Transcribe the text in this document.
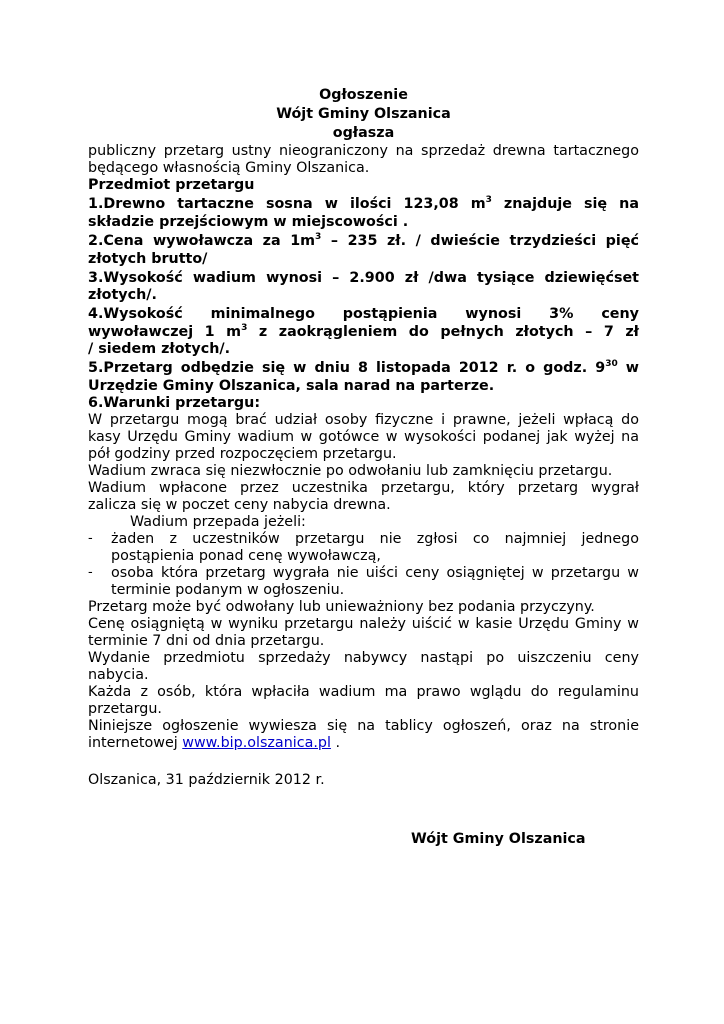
Ogłoszenie
Wójt Gminy Olszanica
ogłasza
publiczny przetarg ustny nieograniczony na sprzedaż drewna tartacznego
będącego własnością Gminy Olszanica.
Przedmiot przetargu
1.Drewno tartaczne sosna w ilości 123,08 $m^3$ znajduje się na
składzie przejściowym w miejscowości .
2.Cena wywoławcza za $1m^3 - 235$ zł. / dwieście trzydzieści pięć
złotych brutto/
3.Wysokość wadium wynosi – 2.900 zł /dwa tysiące dziewięćset
złotych/.
4.Wysokość minimalnego postąpienia wynosi 3% ceny
wywoławczej 1 $m^3$ z zaokrągleniem do pełnych złotych – 7 zł
/ siedem złotych/.
5.Przetarg odbędzie się w dniu 8 listopada 2012 r. o godz. $9^{30}$ w
Urzędzie Gminy Olszanica, sala narad na parterze.
6.Warunki przetargu:
W przetargu mogą brać udział osoby fizyczne i prawne, jeżeli wpłacą do
kasy Urzędu Gminy wadium w gotówce w wysokości podanej jak wyżej na
pół godziny przed rozpoczęciem przetargu.
Wadium zwraca się niezwłocznie po odwołaniu lub zamknięciu przetargu.
Wadium wpłacone przez uczestnika przetargu, który przetarg wygrał
zalicza się w poczet ceny nabycia drewna.
Wadium przepada jeżeli:
- żaden z uczestników przetargu nie zgłosi co najmniej jednego
postąpienia ponad cenę wywoławczą,
- osoba która przetarg wygrała nie uiści ceny osiągniętej w przetargu w
terminie podanym w ogłoszeniu.
Przetarg może być odwołany lub unieważniony bez podania przyczyny.
Cenę osiągniętą w wyniku przetargu należy uiścić w kasie Urzędu Gminy w
terminie 7 dni od dnia przetargu.
Wydanie przedmiotu sprzedaży nabywcy nastąpi po uiszczeniu ceny
nabycia.
Każda z osób, która wpłaciła wadium ma prawo wglądu do regulaminu
przetargu.
Niniejsze ogłoszenie wywiesza się na tablicy ogłoszeń, oraz na stronie
internetowej www.bip.olszanica.pl .
Olszanica, 31 październik 2012 r.
Wójt Gminy Olszanica
